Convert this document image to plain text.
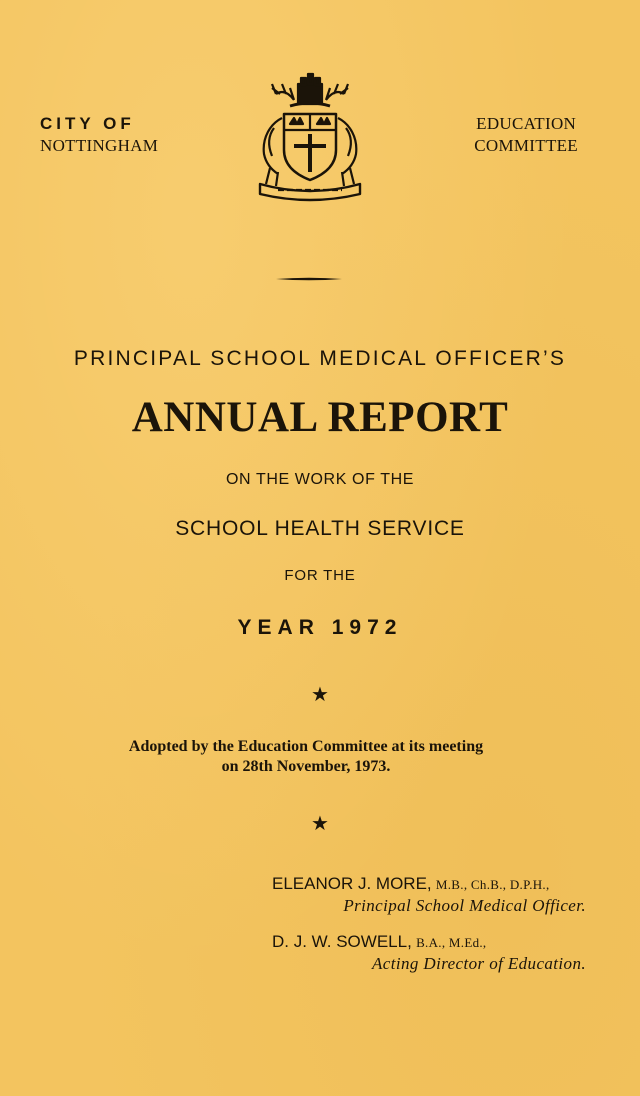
CITY OF
NOTTINGHAM
EDUCATION
COMMITTEE
PRINCIPAL SCHOOL MEDICAL OFFICER’S
ANNUAL REPORT
ON THE WORK OF THE
SCHOOL HEALTH SERVICE
FOR THE
YEAR 1972
★
Adopted by the Education Committee at its meeting
on 28th November, 1973.
★
ELEANOR J. MORE, M.B., Ch.B., D.P.H.,
Principal School Medical Officer.
D. J. W. SOWELL, B.A., M.Ed.,
Acting Director of Education.
